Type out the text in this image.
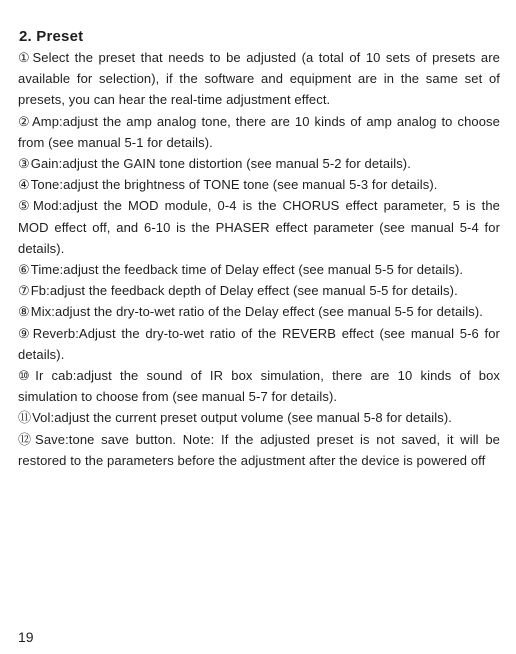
2. Preset
①Select the preset that needs to be adjusted (a total of 10 sets of presets are available for selection), if the software and equipment are in the same set of presets, you can hear the real-time adjustment effect.
②Amp:adjust the amp analog tone, there are 10 kinds of amp analog to choose from (see manual 5-1 for details).
③Gain:adjust the GAIN tone distortion (see manual 5-2 for details).
④Tone:adjust the brightness of TONE tone (see manual 5-3 for details).
⑤Mod:adjust the MOD module, 0-4 is the CHORUS effect parameter, 5 is the MOD effect off, and 6-10 is the PHASER effect parameter (see manual 5-4 for details).
⑥Time:adjust the feedback time of Delay effect (see manual 5-5 for details).
⑦Fb:adjust the feedback depth of Delay effect (see manual 5-5 for details).
⑧Mix:adjust the dry-to-wet ratio of the Delay effect (see manual 5-5 for details).
⑨Reverb:Adjust the dry-to-wet ratio of the REVERB effect (see manual 5-6 for details).
⑩Ir cab:adjust the sound of IR box simulation, there are 10 kinds of box simulation to choose from (see manual 5-7 for details).
⑪Vol:adjust the current preset output volume (see manual 5-8 for details).
⑫Save:tone save button. Note: If the adjusted preset is not saved, it will be restored to the parameters before the adjustment after the device is powered off

19
